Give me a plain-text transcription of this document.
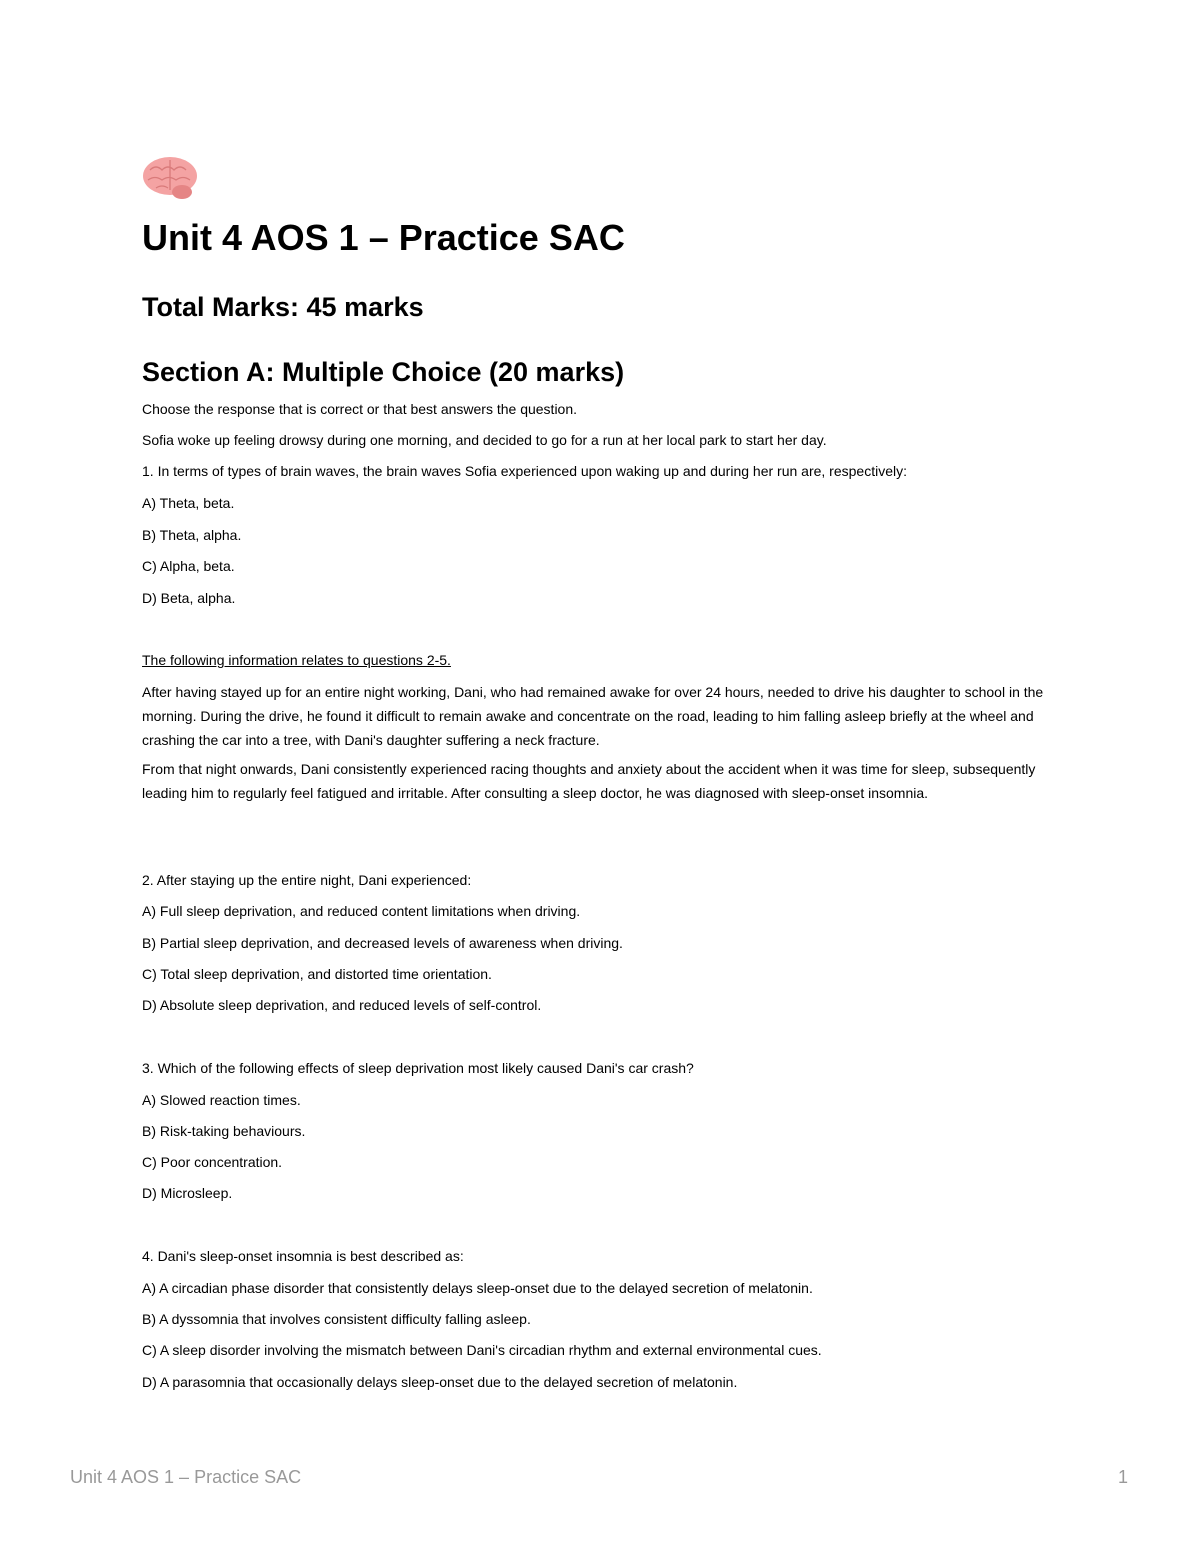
Unit 4 AOS 1 – Practice SAC
Total Marks: 45 marks
Section A: Multiple Choice (20 marks)

Choose the response that is correct or that best answers the question.

Sofia woke up feeling drowsy during one morning, and decided to go for a run at her local park to start her day.

1. In terms of types of brain waves, the brain waves Sofia experienced upon waking up and during her run are, respectively:

A) Theta, beta.

B) Theta, alpha.

C) Alpha, beta.

D) Beta, alpha.

The following information relates to questions 2-5.

After having stayed up for an entire night working, Dani, who had remained awake for over 24 hours, needed to drive his daughter to school in the morning. During the drive, he found it difficult to remain awake and concentrate on the road, leading to him falling asleep briefly at the wheel and crashing the car into a tree, with Dani's daughter suffering a neck fracture.

From that night onwards, Dani consistently experienced racing thoughts and anxiety about the accident when it was time for sleep, subsequently leading him to regularly feel fatigued and irritable. After consulting a sleep doctor, he was diagnosed with sleep-onset insomnia.

2. After staying up the entire night, Dani experienced:

A) Full sleep deprivation, and reduced content limitations when driving.

B) Partial sleep deprivation, and decreased levels of awareness when driving.

C) Total sleep deprivation, and distorted time orientation.

D) Absolute sleep deprivation, and reduced levels of self-control.

3. Which of the following effects of sleep deprivation most likely caused Dani's car crash?

A) Slowed reaction times.

B) Risk-taking behaviours.

C) Poor concentration.

D) Microsleep.

4. Dani's sleep-onset insomnia is best described as:

A) A circadian phase disorder that consistently delays sleep-onset due to the delayed secretion of melatonin.

B) A dyssomnia that involves consistent difficulty falling asleep.

C) A sleep disorder involving the mismatch between Dani's circadian rhythm and external environmental cues.

D) A parasomnia that occasionally delays sleep-onset due to the delayed secretion of melatonin.

Unit 4 AOS 1 – Practice SAC	1
